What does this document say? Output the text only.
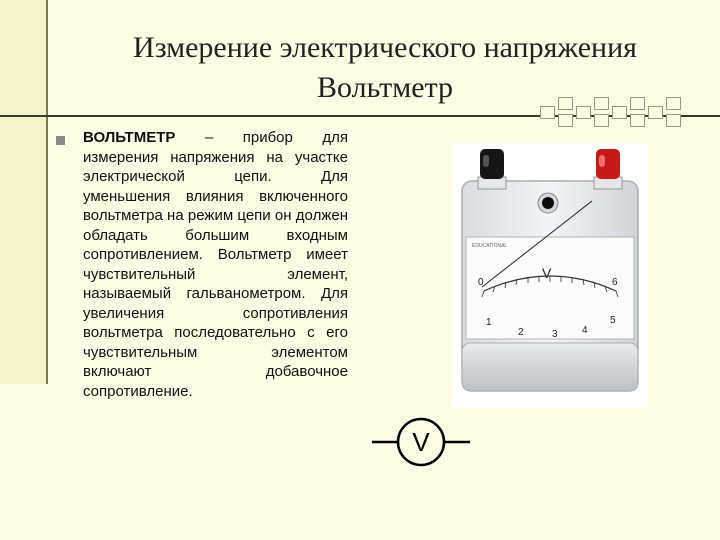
Измерение электрического напряжения
Вольтметр
ВОЛЬТМЕТР – прибор для измерения напряжения на участке электрической цепи. Для уменьшения влияния включенного вольтметра на режим цепи он должен обладать большим входным сопротивлением. Вольтметр имеет чувствительный элемент, называемый гальванометром. Для увеличения сопротивления вольтметра последовательно с его чувствительным элементом включают добавочное сопротивление.
EDUCATIONAL
V
0	6
1
2	3 4
5
V
